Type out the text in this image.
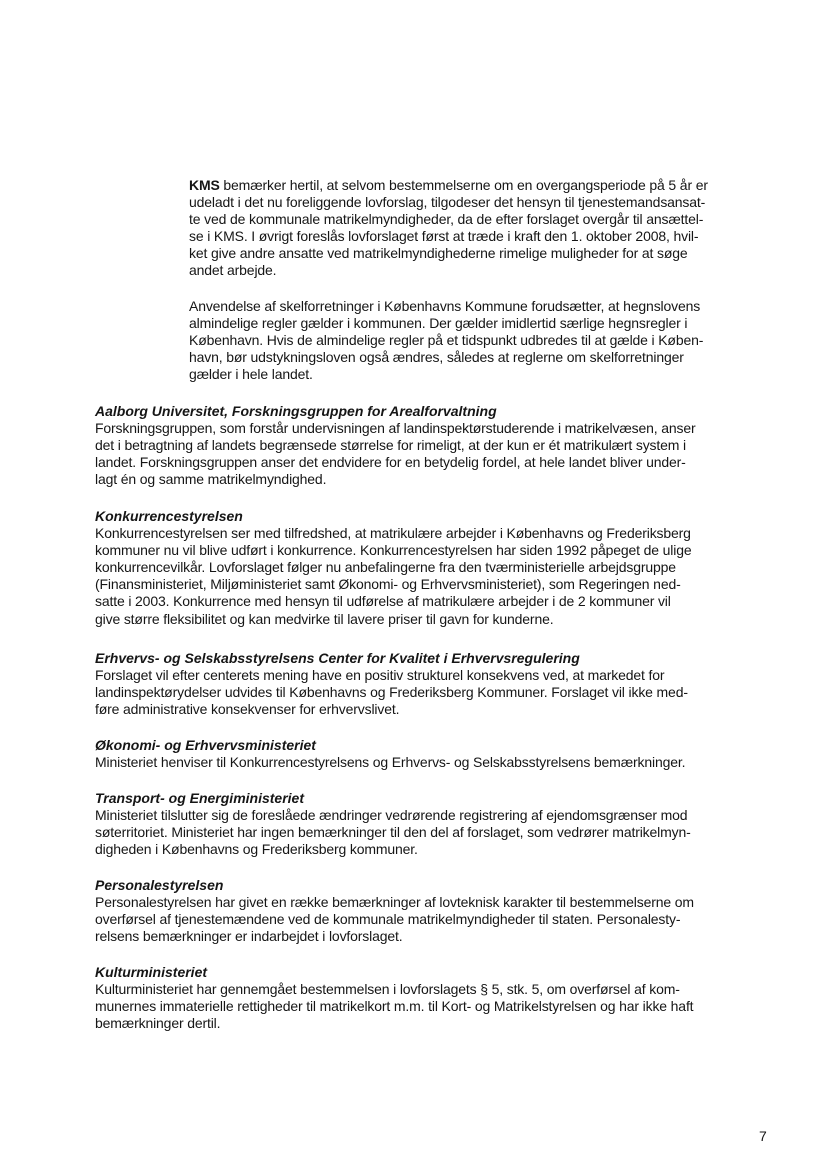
KMS bemærker hertil, at selvom bestemmelserne om en overgangsperiode på 5 år er
udeladt i det nu foreliggende lovforslag, tilgodeser det hensyn til tjenestemandsansat-
te ved de kommunale matrikelmyndigheder, da de efter forslaget overgår til ansættel-
se i KMS. I øvrigt foreslås lovforslaget først at træde i kraft den 1. oktober 2008, hvil-
ket give andre ansatte ved matrikelmyndighederne rimelige muligheder for at søge
andet arbejde.
Anvendelse af skelforretninger i Københavns Kommune forudsætter, at hegnslovens
almindelige regler gælder i kommunen. Der gælder imidlertid særlige hegnsregler i
København. Hvis de almindelige regler på et tidspunkt udbredes til at gælde i Køben-
havn, bør udstykningsloven også ændres, således at reglerne om skelforretninger
gælder i hele landet.
Aalborg Universitet, Forskningsgruppen for Arealforvaltning
Forskningsgruppen, som forstår undervisningen af landinspektørstuderende i matrikelvæsen, anser
det i betragtning af landets begrænsede størrelse for rimeligt, at der kun er ét matrikulært system i
landet. Forskningsgruppen anser det endvidere for en betydelig fordel, at hele landet bliver under-
lagt én og samme matrikelmyndighed.
Konkurrencestyrelsen
Konkurrencestyrelsen ser med tilfredshed, at matrikulære arbejder i Københavns og Frederiksberg
kommuner nu vil blive udført i konkurrence. Konkurrencestyrelsen har siden 1992 påpeget de ulige
konkurrencevilkår. Lovforslaget følger nu anbefalingerne fra den tværministerielle arbejdsgruppe
(Finansministeriet, Miljøministeriet samt Økonomi- og Erhvervsministeriet), som Regeringen ned-
satte i 2003. Konkurrence med hensyn til udførelse af matrikulære arbejder i de 2 kommuner vil
give større fleksibilitet og kan medvirke til lavere priser til gavn for kunderne.
Erhvervs- og Selskabsstyrelsens Center for Kvalitet i Erhvervsregulering
Forslaget vil efter centerets mening have en positiv strukturel konsekvens ved, at markedet for
landinspektørydelser udvides til Københavns og Frederiksberg Kommuner. Forslaget vil ikke med-
føre administrative konsekvenser for erhvervslivet.
Økonomi- og Erhvervsministeriet
Ministeriet henviser til Konkurrencestyrelsens og Erhvervs- og Selskabsstyrelsens bemærkninger.
Transport- og Energiministeriet
Ministeriet tilslutter sig de foreslåede ændringer vedrørende registrering af ejendomsgrænser mod
søterritoriet. Ministeriet har ingen bemærkninger til den del af forslaget, som vedrører matrikelmyn-
digheden i Københavns og Frederiksberg kommuner.
Personalestyrelsen
Personalestyrelsen har givet en række bemærkninger af lovteknisk karakter til bestemmelserne om
overførsel af tjenestemændene ved de kommunale matrikelmyndigheder til staten. Personalesty-
relsens bemærkninger er indarbejdet i lovforslaget.
Kulturministeriet
Kulturministeriet har gennemgået bestemmelsen i lovforslagets § 5, stk. 5, om overførsel af kom-
munernes immaterielle rettigheder til matrikelkort m.m. til Kort- og Matrikelstyrelsen og har ikke haft
bemærkninger dertil.
7
